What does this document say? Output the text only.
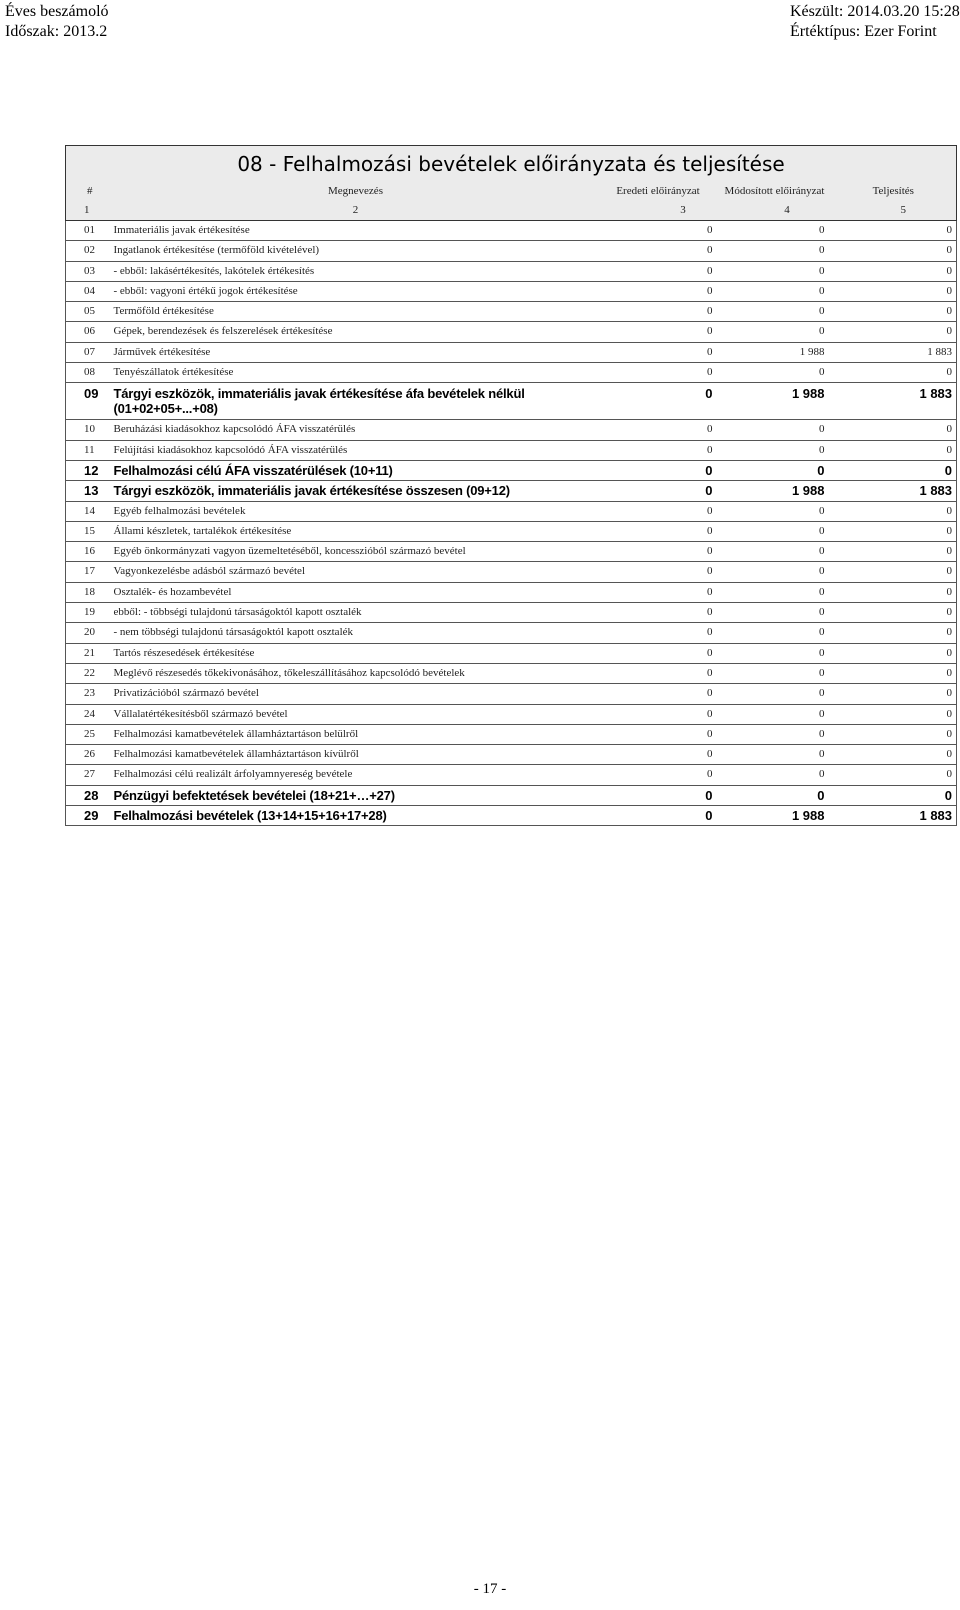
Éves beszámoló
Időszak: 2013.2
Készült: 2014.03.20 15:28
Értéktípus: Ezer Forint
08 - Felhalmozási bevételek előirányzata és teljesítése				
#	Megnevezés	Eredeti előirányzat	Módosított előirányzat	Teljesítés
1	2	3	4	5
01	Immateriális javak értékesítése	0	0	0
02	Ingatlanok értékesítése (termőföld kivételével)	0	0	0
03	- ebből: lakásértékesítés, lakótelek értékesítés	0	0	0
04	- ebből: vagyoni értékű jogok értékesítése	0	0	0
05	Termőföld értékesítése	0	0	0
06	Gépek, berendezések és felszerelések értékesítése	0	0	0
07	Járművek értékesítése	0	1 988	1 883
08	Tenyészállatok értékesítése	0	0	0
09	Tárgyi eszközök, immateriális javak értékesítése áfa bevételek nélkül
(01+02+05+...+08)	0	1 988	1 883
10	Beruházási kiadásokhoz kapcsolódó ÁFA visszatérülés	0	0	0
11	Felújítási kiadásokhoz kapcsolódó ÁFA visszatérülés	0	0	0
12	Felhalmozási célú ÁFA visszatérülések (10+11)	0	0	0
13	Tárgyi eszközök, immateriális javak értékesítése összesen (09+12)	0	1 988	1 883
14	Egyéb felhalmozási bevételek	0	0	0
15	Állami készletek, tartalékok értékesítése	0	0	0
16	Egyéb önkormányzati vagyon üzemeltetéséből, koncesszióból származó bevétel	0	0	0
17	Vagyonkezelésbe adásból származó bevétel	0	0	0
18	Osztalék- és hozambevétel	0	0	0
19	ebből: - többségi tulajdonú társaságoktól kapott osztalék	0	0	0
20	- nem többségi tulajdonú társaságoktól kapott osztalék	0	0	0
21	Tartós részesedések értékesítése	0	0	0
22	Meglévő részesedés tőkekivonásához, tőkeleszállításához kapcsolódó bevételek	0	0	0
23	Privatizációból származó bevétel	0	0	0
24	Vállalatértékesítésből származó bevétel	0	0	0
25	Felhalmozási kamatbevételek államháztartáson belülről	0	0	0
26	Felhalmozási kamatbevételek államháztartáson kívülről	0	0	0
27	Felhalmozási célú realizált árfolyamnyereség bevétele	0	0	0
28	Pénzügyi befektetések bevételei (18+21+…+27)	0	0	0
29	Felhalmozási bevételek (13+14+15+16+17+28)	0	1 988	1 883
- 17 -
